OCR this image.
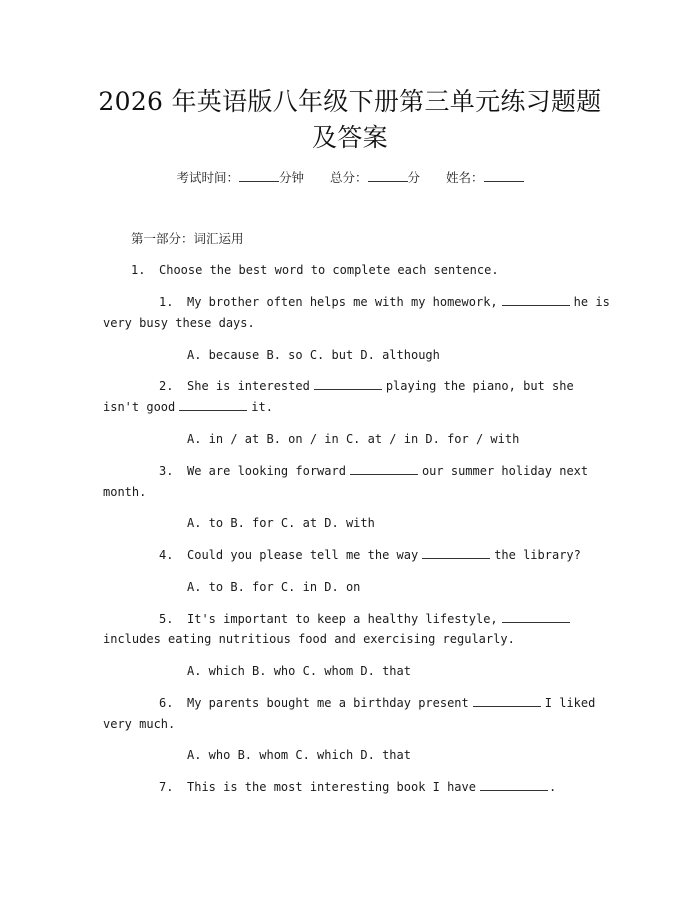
2026 年英语版八年级下册第三单元练习题题
及答案
考试时间：	分钟 总分：	分 姓名：
第一部分：词汇运用
1. Choose the best word to complete each sentence.
1. My brother often helps me with my homework,	he is
very busy these days.
A. because B. so C. but D. although
2. She is interested	playing the piano, but she
isn't good	it.
A. in / at B. on / in C. at / in D. for / with
3. We are looking forward	our summer holiday next
month.
A. to B. for C. at D. with
4. Could you please tell me the way	the library?
A. to B. for C. in D. on
5. It's important to keep a healthy lifestyle,
includes eating nutritious food and exercising regularly.
A. which B. who C. whom D. that
6. My parents bought me a birthday present	I liked
very much.
A. who B. whom C. which D. that
7. This is the most interesting book I have	.
